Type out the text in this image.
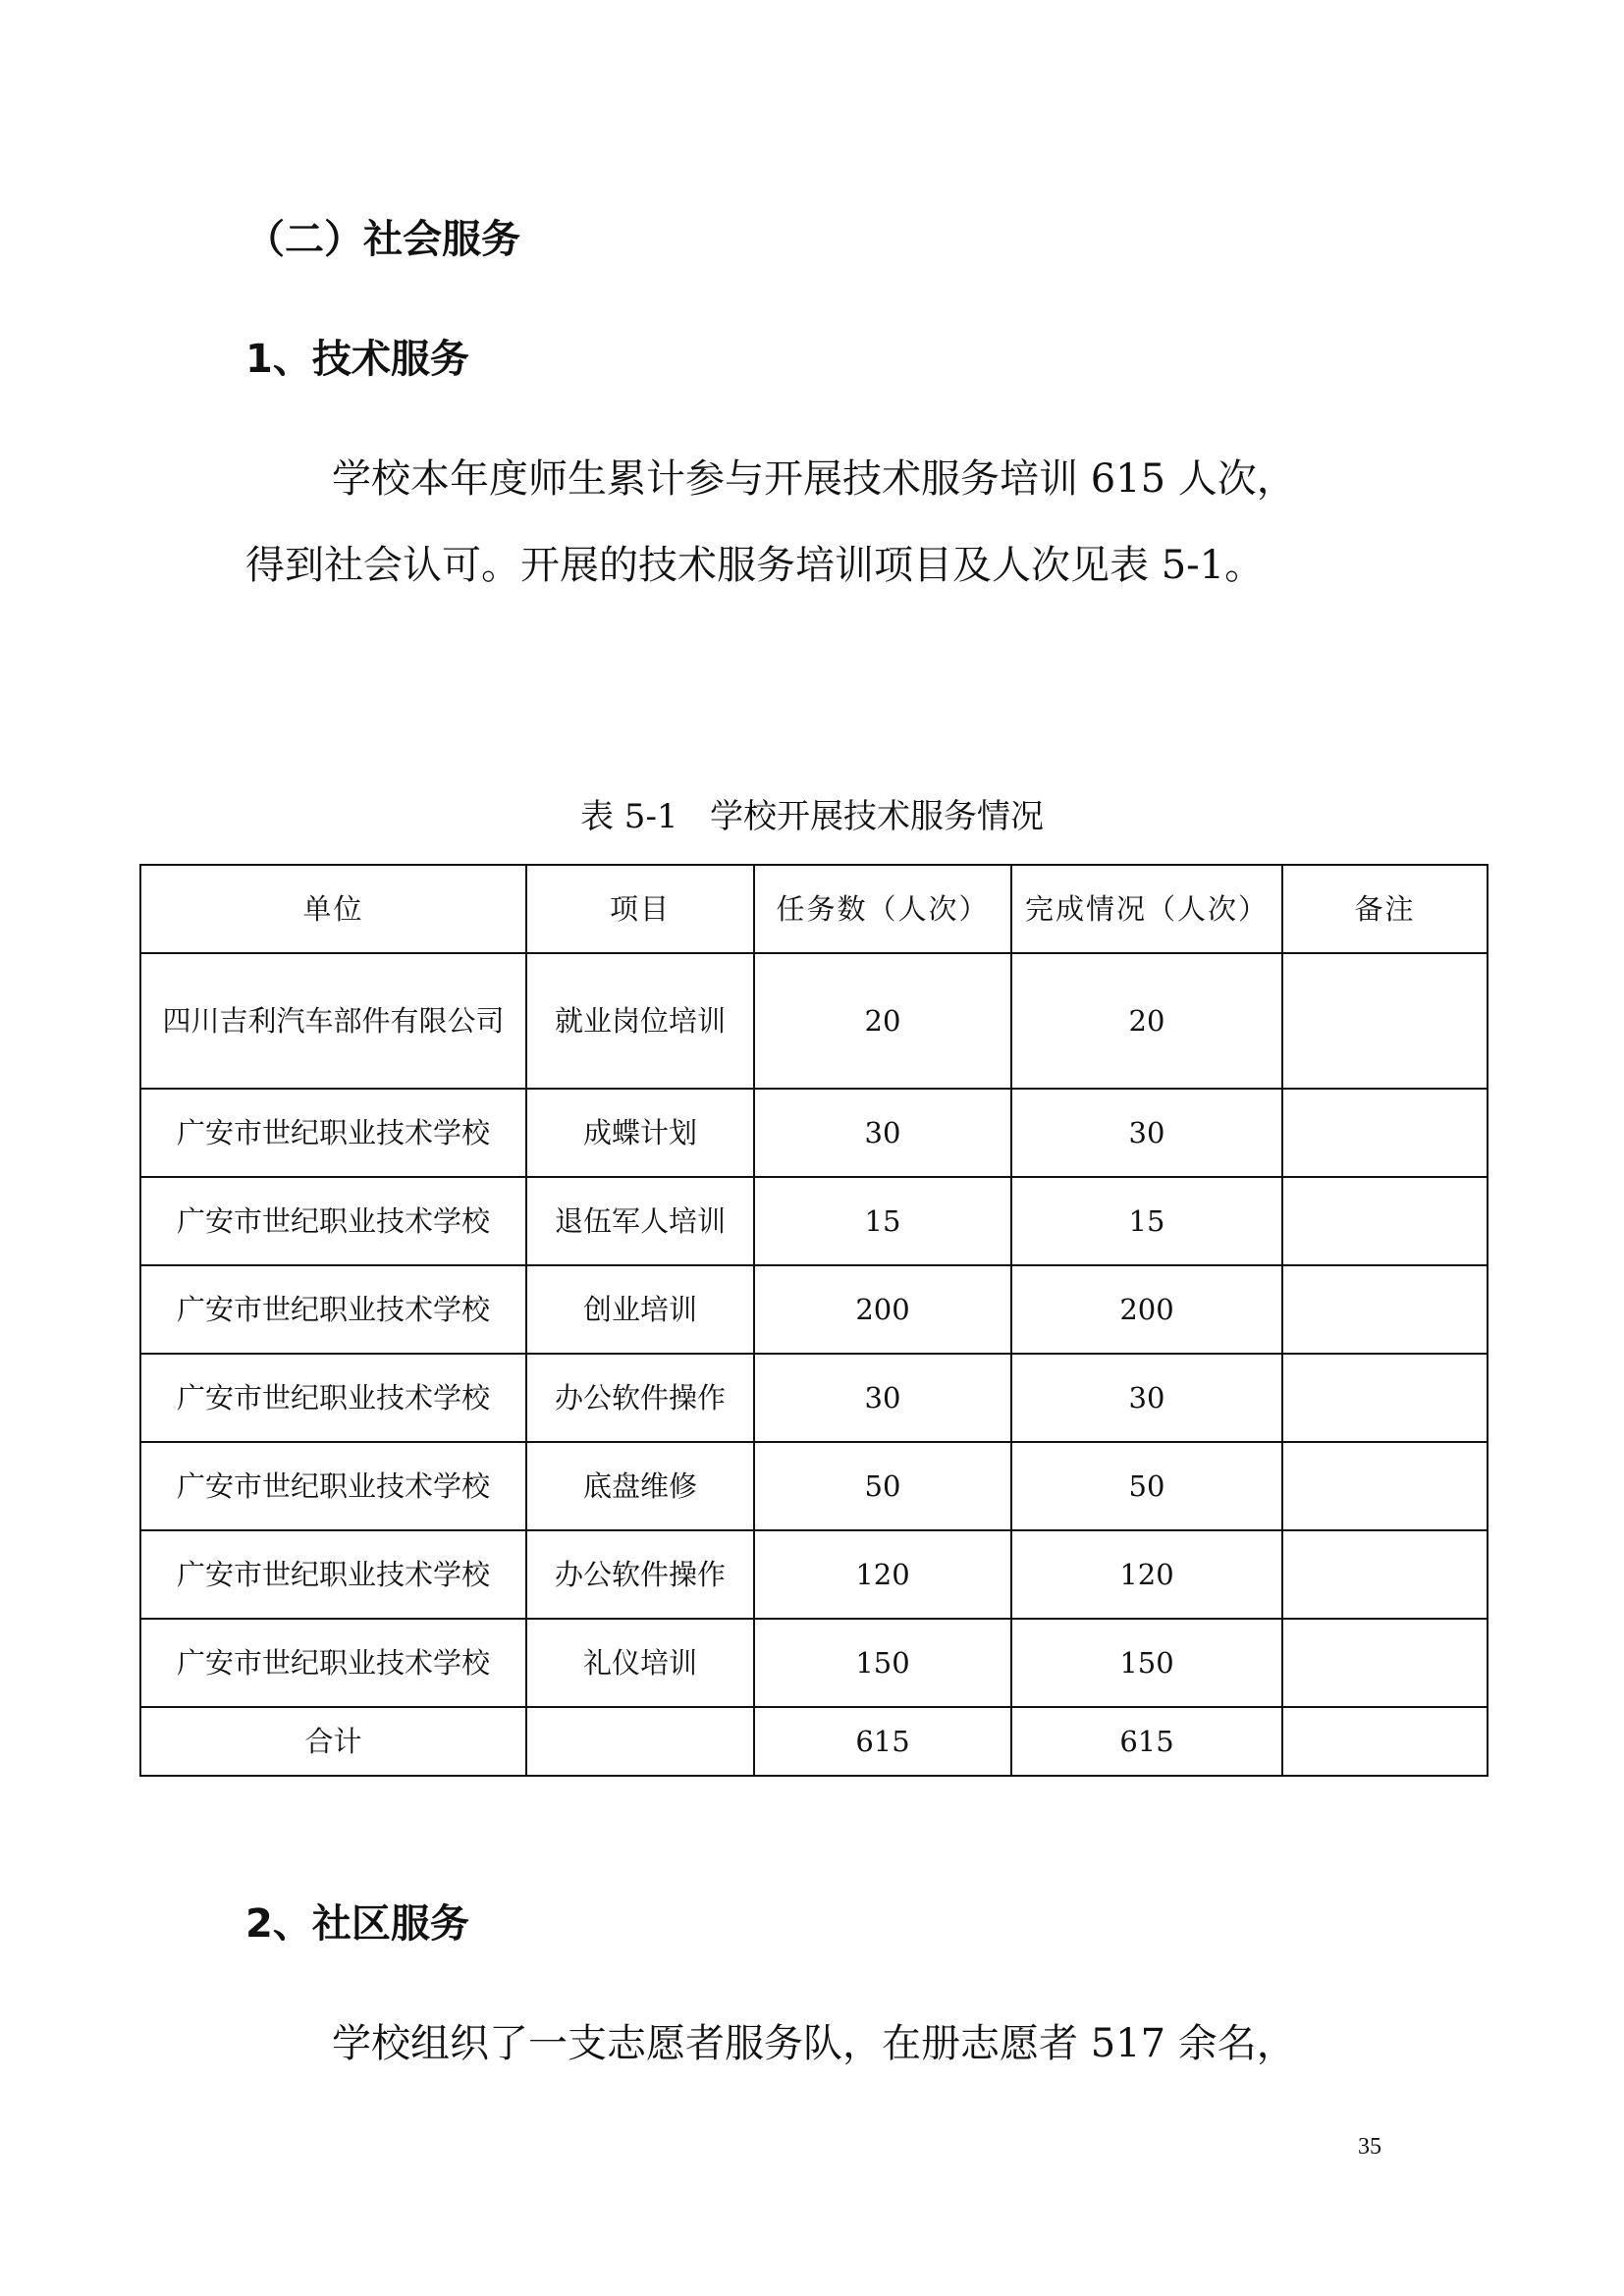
（二）社会服务
1、技术服务

学校本年度师生累计参与开展技术服务培训 615 人次，

得到社会认可。开展的技术服务培训项目及人次见表 5-1。

表 5-1   学校开展技术服务情况
单位	项目	任务数（人次）	完成情况（人次）	备注
四川吉利汽车部件有限公司	就业岗位培训	20	20	
广安市世纪职业技术学校	成蝶计划	30	30	
广安市世纪职业技术学校	退伍军人培训	15	15	
广安市世纪职业技术学校	创业培训	200	200	
广安市世纪职业技术学校	办公软件操作	30	30	
广安市世纪职业技术学校	底盘维修	50	50	
广安市世纪职业技术学校	办公软件操作	120	120	
广安市世纪职业技术学校	礼仪培训	150	150	
合计		615	615	
2、社区服务

学校组织了一支志愿者服务队，在册志愿者 517 余名，

35
